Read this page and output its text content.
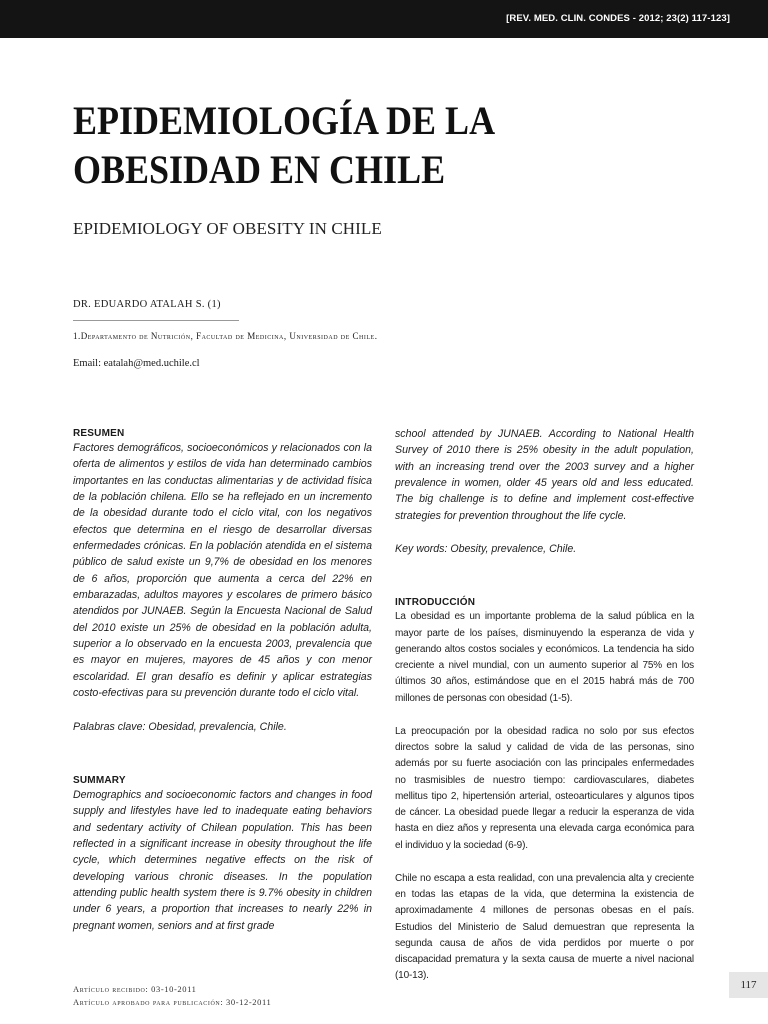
[REV. MED. CLIN. CONDES - 2012; 23(2) 117-123]
EPIDEMIOLOGÍA DE LA
OBESIDAD EN CHILE
EPIDEMIOLOGY OF OBESITY IN CHILE
DR. EDUARDO ATALAH S. (1)
1.Departamento de Nutrición, Facultad de Medicina, Universidad de Chile.
Email: eatalah@med.uchile.cl
RESUMEN

Factores demográficos, socioeconómicos y relacionados con la oferta de alimentos y estilos de vida han determinado cambios importantes en las conductas alimentarias y de actividad física de la población chilena. Ello se ha reflejado en un incremento de la obesidad durante todo el ciclo vital, con los negativos efectos que determina en el riesgo de desarrollar diversas enfermedades crónicas. En la población atendida en el sistema público de salud existe un 9,7% de obesidad en los menores de 6 años, proporción que aumenta a cerca del 22% en embarazadas, adultos mayores y escolares de primero básico atendidos por JUNAEB. Según la Encuesta Nacional de Salud del 2010 existe un 25% de obesidad en la población adulta, superior a lo observado en la encuesta 2003, prevalencia que es mayor en mujeres, mayores de 45 años y con menor escolaridad. El gran desafío es definir y aplicar estrategias costo-efectivas para su prevención durante todo el ciclo vital.

Palabras clave: Obesidad, prevalencia, Chile.

SUMMARY

Demographics and socioeconomic factors and changes in food supply and lifestyles have led to inadequate eating behaviors and sedentary activity of Chilean population. This has been reflected in a significant increase in obesity throughout the life cycle, which determines negative effects on the risk of developing various chronic diseases. In the population attending public health system there is 9.7% obesity in children under 6 years, a proportion that increases to nearly 22% in pregnant women, seniors and at first grade

school attended by JUNAEB. According to National Health Survey of 2010 there is 25% obesity in the adult population, with an increasing trend over the 2003 survey and a higher prevalence in women, older 45 years old and less educated. The big challenge is to define and implement cost-effective strategies for prevention throughout the life cycle.

Key words: Obesity, prevalence, Chile.

INTRODUCCIÓN

La obesidad es un importante problema de la salud pública en la mayor parte de los países, disminuyendo la esperanza de vida y generando altos costos sociales y económicos. La tendencia ha sido creciente a nivel mundial, con un aumento superior al 75% en los últimos 30 años, estimándose que en el 2015 habrá más de 700 millones de personas con obesidad (1-5).

La preocupación por la obesidad radica no solo por sus efectos directos sobre la salud y calidad de vida de las personas, sino además por su fuerte asociación con las principales enfermedades no trasmisibles de nuestro tiempo: cardiovasculares, diabetes mellitus tipo 2, hipertensión arterial, osteoarticulares y algunos tipos de cáncer. La obesidad puede llegar a reducir la esperanza de vida hasta en diez años y representa una elevada carga económica para el individuo y la sociedad (6-9).

Chile no escapa a esta realidad, con una prevalencia alta y creciente en todas las etapas de la vida, que determina la existencia de aproximadamente 4 millones de personas obesas en el país. Estudios del Ministerio de Salud demuestran que representa la segunda causa de años de vida perdidos por muerte o por discapacidad prematura y la sexta causa de muerte a nivel nacional (10-13).

Artículo recibido: 03-10-2011
Artículo aprobado para publicación: 30-12-2011
117
